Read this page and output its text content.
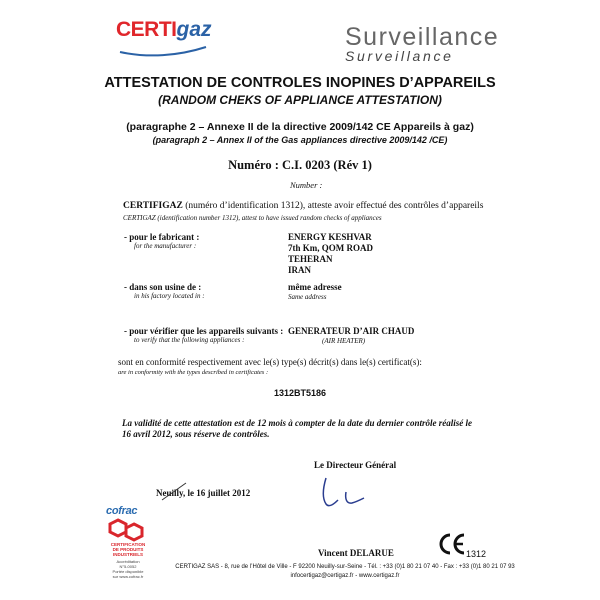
CERTIgaz	Surveillance
Surveillance
ATTESTATION DE CONTROLES INOPINES D’APPAREILS
(RANDOM CHEKS OF APPLIANCE ATTESTATION)
(paragraphe 2 – Annexe II de la directive 2009/142 CE Appareils à gaz)
(paragraph 2 – Annex II of the Gas appliances directive 2009/142 /CE)
Numéro : C.I. 0203 (Rév 1)
Number :
CERTIFIGAZ (numéro d’identification 1312), atteste avoir effectué des contrôles d’appareils
CERTIGAZ (identification number 1312), attest to have issued random checks of appliances
- pour le fabricant :
for the manufacturer :
ENERGY KESHVAR
7th Km, QOM ROAD
TEHERAN
IRAN
- dans son usine de :
in his factory located in :
même adresse
Same address
- pour vérifier que les appareils suivants :
to verify that the following appliances :
GENERATEUR D’AIR CHAUD
(AIR HEATER)
sont en conformité respectivement avec le(s) type(s) décrit(s) dans le(s) certificat(s):
are in conformity with the types described in certificates :
1312BT5186
La validité de cette attestation est de 12 mois à compter de la date du dernier contrôle réalisé le 16 avril 2012, sous réserve de contrôles.
Le Directeur Général
Neuilly, le 16 juillet 2012
Vincent DELARUE
cofrac
CERTIFICATION
DE PRODUITS
INDUSTRIELS
Accréditation
N°5-0052
Portée disponible
sur www.cofrac.fr
1312
CERTIGAZ SAS - 8, rue de l’Hôtel de Ville - F 92200 Neuilly-sur-Seine - Tél. : +33 (0)1 80 21 07 40 - Fax : +33 (0)1 80 21 07 93
infocertigaz@certigaz.fr - www.certigaz.fr
